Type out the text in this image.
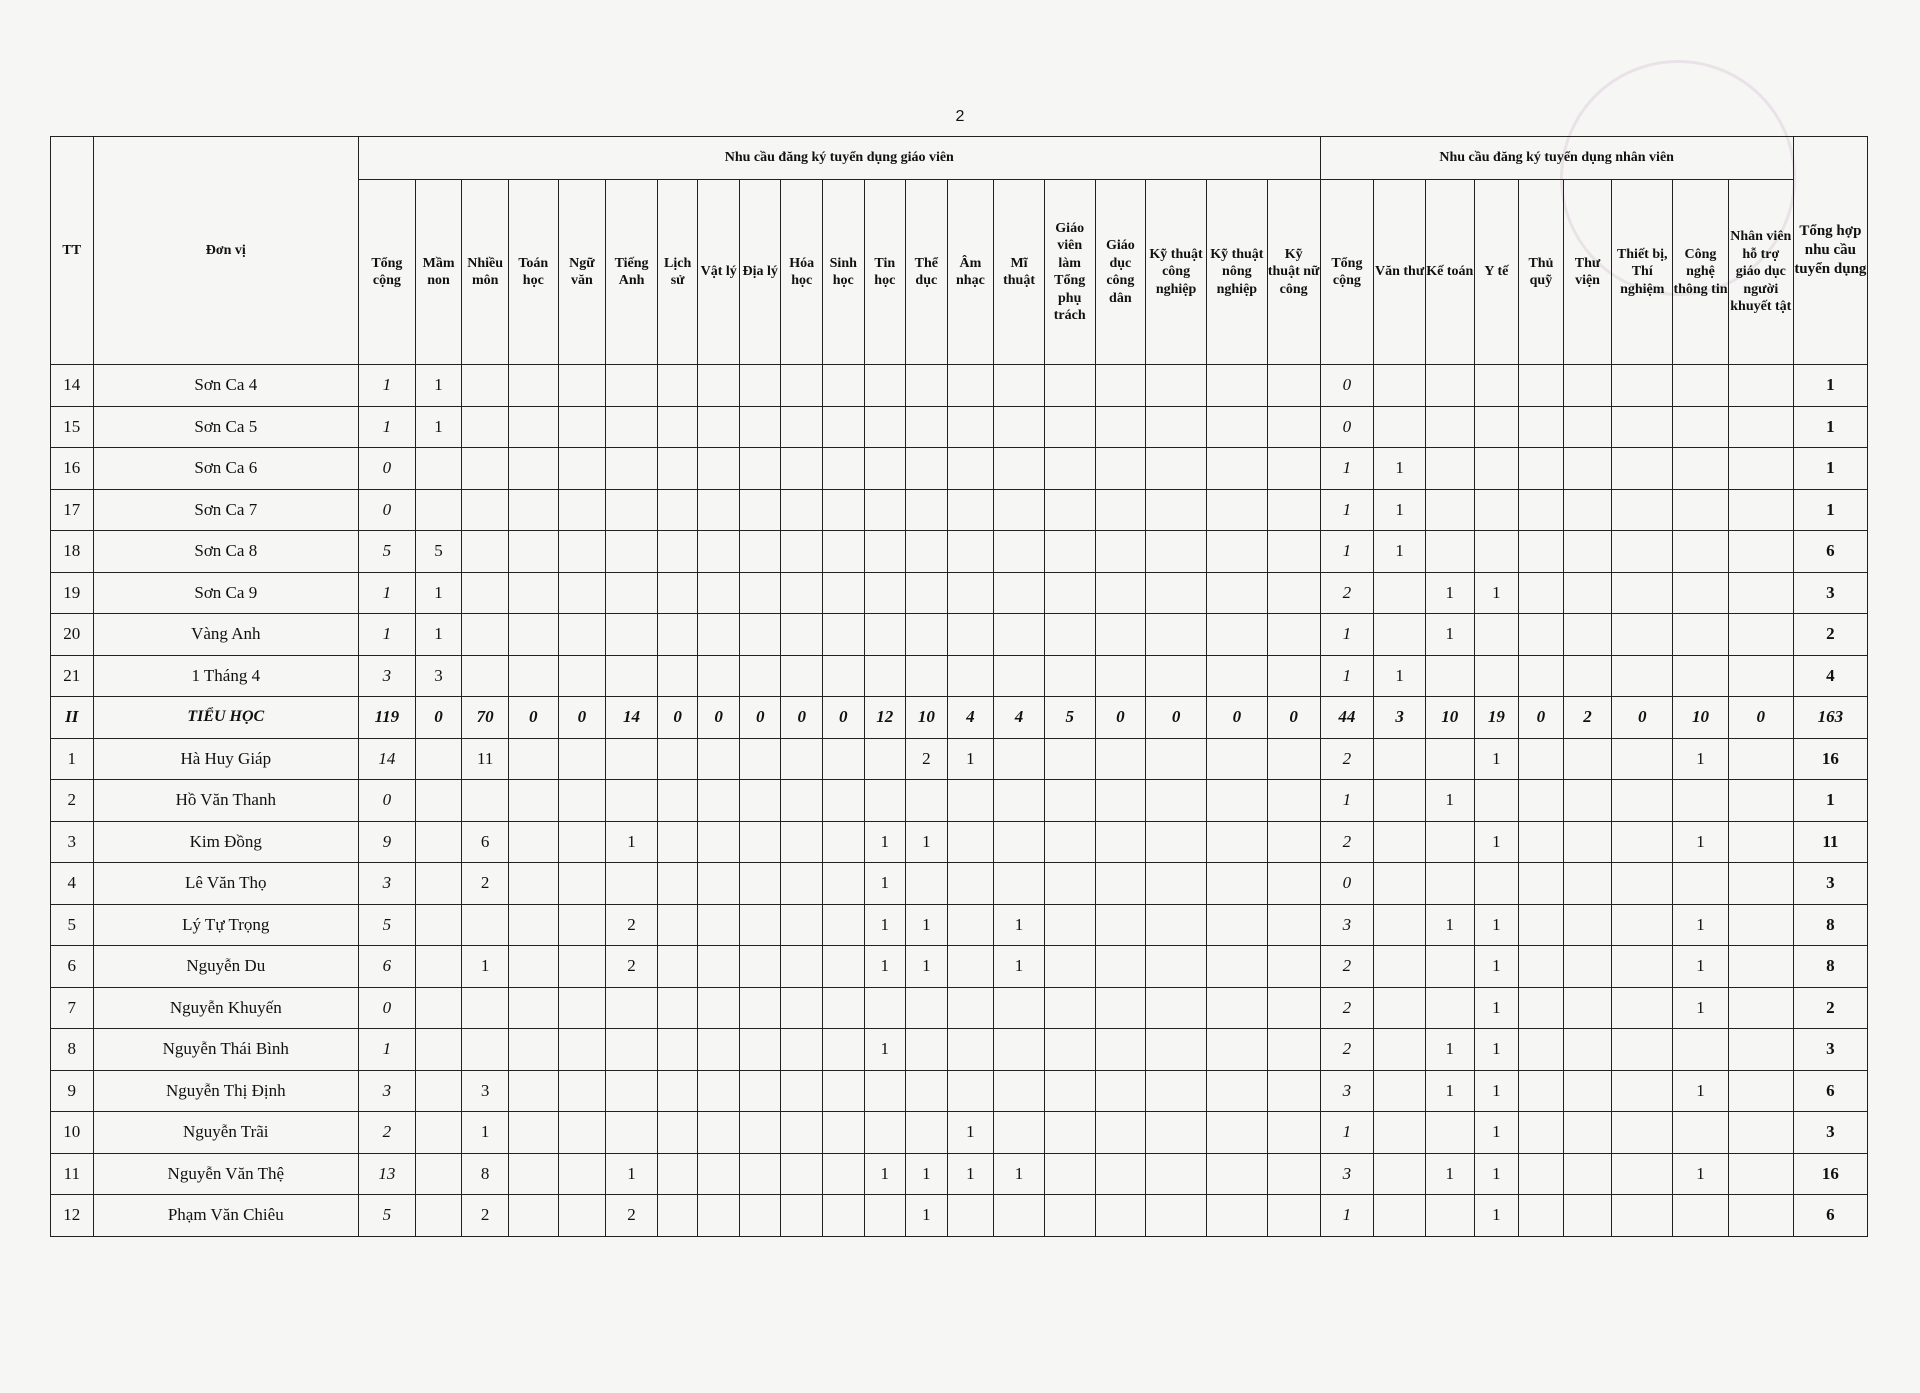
2
TT	Đơn vị	Nhu cầu đăng ký tuyển dụng giáo viên																				Nhu cầu đăng ký tuyển dụng nhân viên									Tổng hợp nhu cầu tuyển dụng
		Tổng cộng	Mầm non	Nhiều môn	Toán học	Ngữ văn	Tiếng Anh	Lịch sử	Vật lý	Địa lý	Hóa học	Sinh học	Tin học	Thể dục	Âm nhạc	Mĩ thuật	Giáo viên làm Tổng phụ trách	Giáo dục công dân	Kỹ thuật công nghiệp	Kỹ thuật nông nghiệp	Kỹ thuật nữ công	Tổng cộng	Văn thư	Kế toán	Y tế	Thủ quỹ	Thư viện	Thiết bị, Thí nghiệm	Công nghệ thông tin	Nhân viên hỗ trợ giáo dục người khuyết tật	
14	Sơn Ca 4	1	1																			0									1
15	Sơn Ca 5	1	1																			0									1
16	Sơn Ca 6	0																				1	1								1
17	Sơn Ca 7	0																				1	1								1
18	Sơn Ca 8	5	5																			1	1								6
19	Sơn Ca 9	1	1																			2		1	1						3
20	Vàng Anh	1	1																			1		1							2
21	1 Tháng 4	3	3																			1	1								4
II	TIỂU HỌC	119	0	70	0	0	14	0	0	0	0	0	12	10	4	4	5	0	0	0	0	44	3	10	19	0	2	0	10	0	163
1	Hà Huy Giáp	14		11										2	1							2			1				1		16
2	Hồ Văn Thanh	0																				1		1							1
3	Kim Đồng	9		6			1						1	1								2			1				1		11
4	Lê Văn Thọ	3		2									1									0									3
5	Lý Tự Trọng	5					2						1	1		1						3		1	1				1		8
6	Nguyễn Du	6		1			2						1	1		1						2			1				1		8
7	Nguyễn Khuyến	0																				2			1				1		2
8	Nguyễn Thái Bình	1											1									2		1	1						3
9	Nguyễn Thị Định	3		3																		3		1	1				1		6
10	Nguyễn Trãi	2		1											1							1			1						3
11	Nguyễn Văn Thệ	13		8			1						1	1	1	1						3		1	1				1		16
12	Phạm Văn Chiêu	5		2			2							1								1			1						6
